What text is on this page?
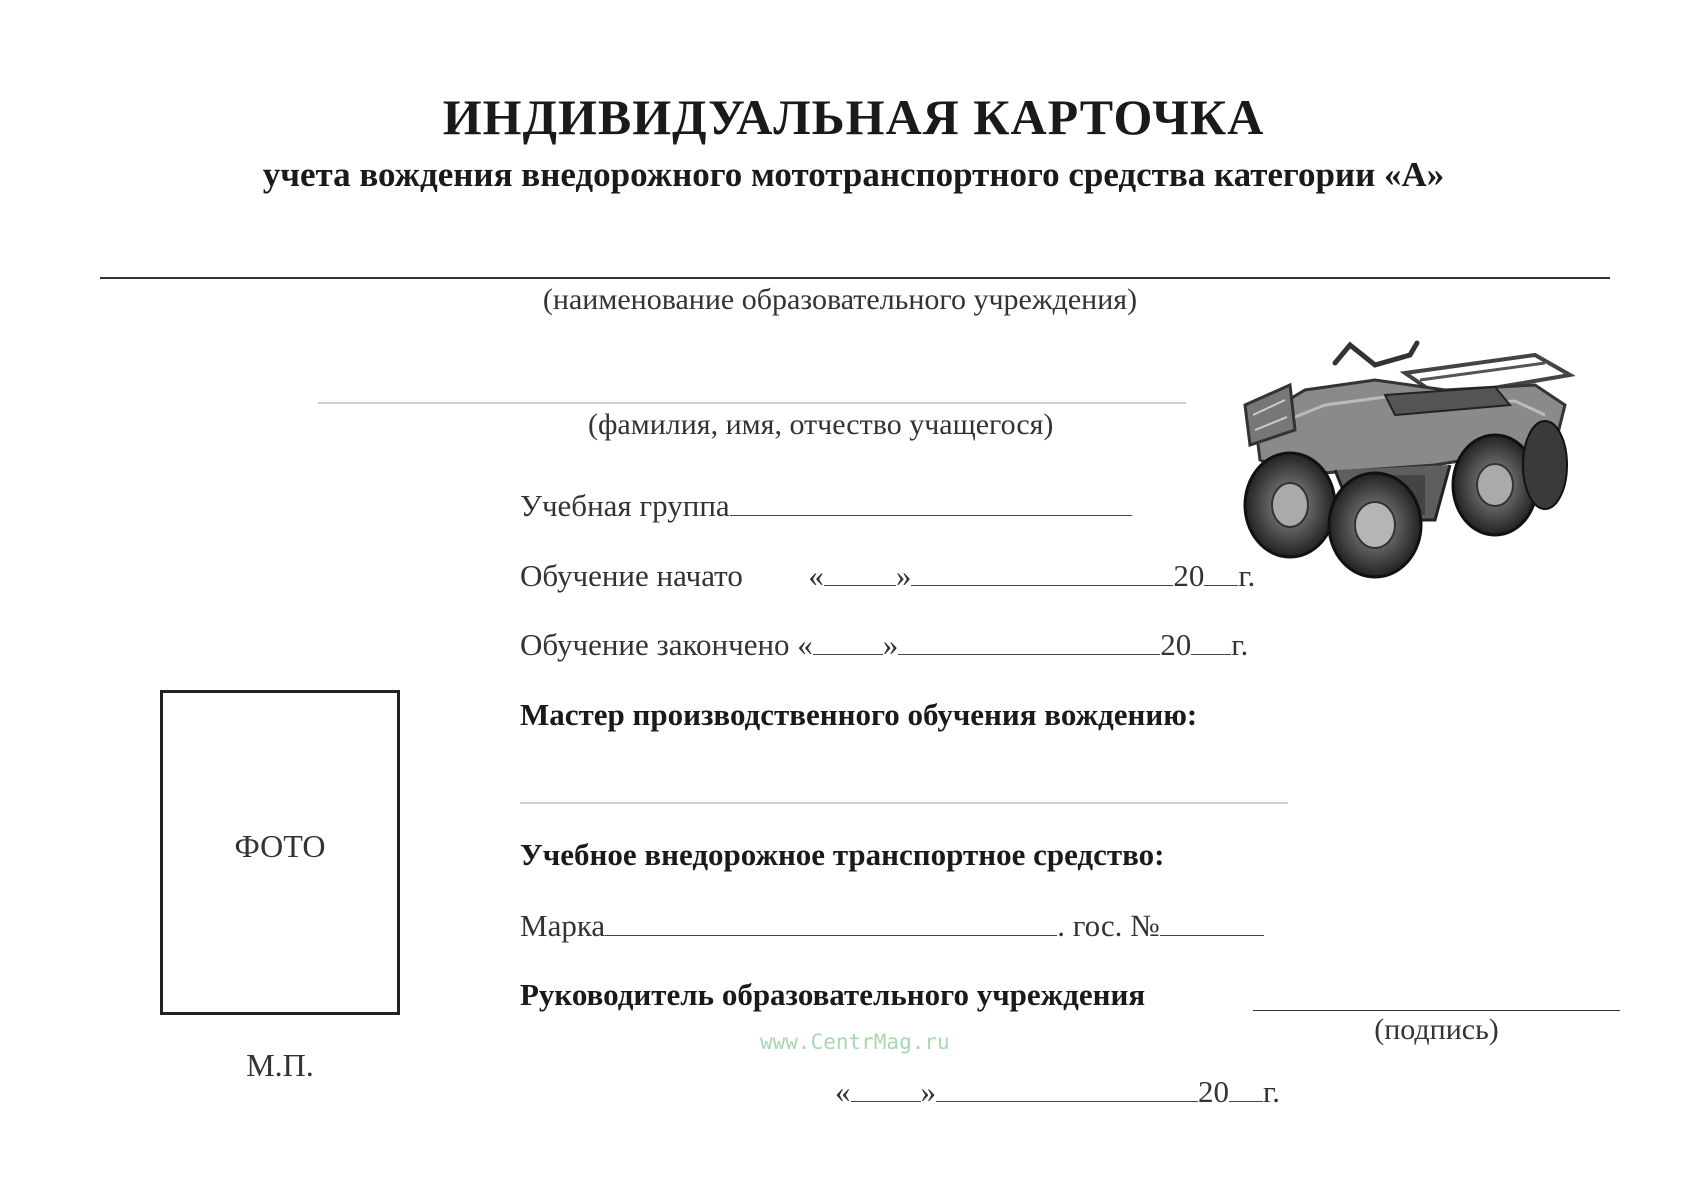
ИНДИВИДУАЛЬНАЯ КАРТОЧКА
учета вождения внедорожного мототранспортного средства категории «А»
(наименование образовательного учреждения)
(фамилия, имя, отчество учащегося)
Учебная группа
Обучение начато « »	20 г.
Обучение закончено « »	20 г.
Мастер производственного обучения вождению:
ФОТО
М.П.
Учебное внедорожное транспортное средство:
Марка	. гос. №
Руководитель образовательного учреждения
(подпись)
www.CentrMag.ru
« »	20 г.
